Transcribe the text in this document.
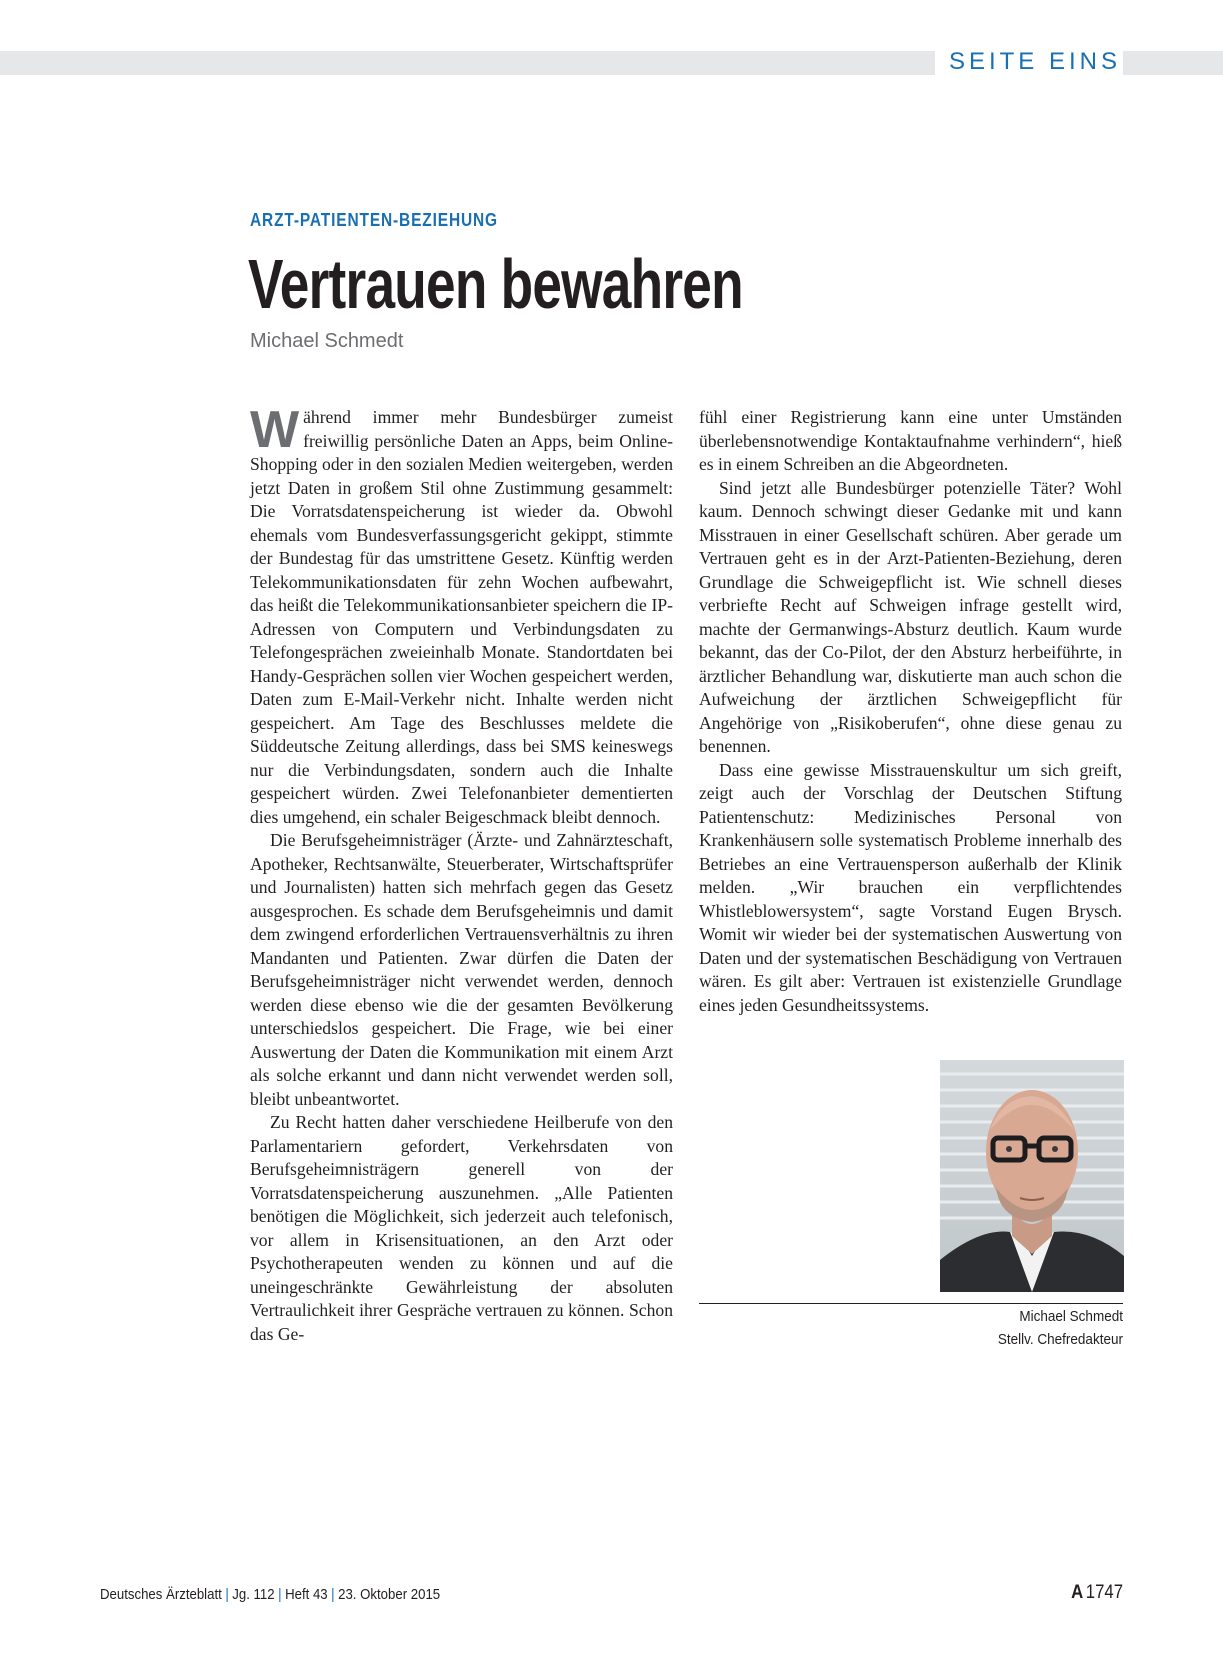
SEITE EINS
ARZT-PATIENTEN-BEZIEHUNG
Vertrauen bewahren
Michael Schmedt

Während immer mehr Bundesbürger zumeist freiwillig persönliche Daten an Apps, beim Online-Shopping oder in den sozialen Medien weitergeben, werden jetzt Daten in großem Stil ohne Zustimmung gesammelt: Die Vorratsdatenspeicherung ist wieder da. Obwohl ehemals vom Bundesverfassungsgericht gekippt, stimmte der Bundestag für das umstrittene Gesetz. Künftig werden Telekommunikationsdaten für zehn Wochen aufbewahrt, das heißt die Telekommunikationsanbieter speichern die IP-Adressen von Computern und Verbindungsdaten zu Telefongesprächen zweieinhalb Monate. Standortdaten bei Handy-Gesprächen sollen vier Wochen gespeichert werden, Daten zum E-Mail-Verkehr nicht. Inhalte werden nicht gespeichert. Am Tage des Beschlusses meldete die Süddeutsche Zeitung allerdings, dass bei SMS keineswegs nur die Verbindungsdaten, sondern auch die Inhalte gespeichert würden. Zwei Telefonanbieter dementierten dies umgehend, ein schaler Beigeschmack bleibt dennoch.

Die Berufsgeheimnisträger (Ärzte- und Zahnärzteschaft, Apotheker, Rechtsanwälte, Steuerberater, Wirtschaftsprüfer und Journalisten) hatten sich mehrfach gegen das Gesetz ausgesprochen. Es schade dem Berufsgeheimnis und damit dem zwingend erforderlichen Vertrauensverhältnis zu ihren Mandanten und Patienten. Zwar dürfen die Daten der Berufsgeheimnisträger nicht verwendet werden, dennoch werden diese ebenso wie die der gesamten Bevölkerung unterschiedslos gespeichert. Die Frage, wie bei einer Auswertung der Daten die Kommunikation mit einem Arzt als solche erkannt und dann nicht verwendet werden soll, bleibt unbeantwortet.

Zu Recht hatten daher verschiedene Heilberufe von den Parlamentariern gefordert, Verkehrsdaten von Berufsgeheimnisträgern generell von der Vorratsdatenspeicherung auszunehmen. „Alle Patienten benötigen die Möglichkeit, sich jederzeit auch telefonisch, vor allem in Krisensituationen, an den Arzt oder Psychotherapeuten wenden zu können und auf die uneingeschränkte Gewährleistung der absoluten Vertraulichkeit ihrer Gespräche vertrauen zu können. Schon das Ge-

fühl einer Registrierung kann eine unter Umständen überlebensnotwendige Kontaktaufnahme verhindern“, hieß es in einem Schreiben an die Abgeordneten.

Sind jetzt alle Bundesbürger potenzielle Täter? Wohl kaum. Dennoch schwingt dieser Gedanke mit und kann Misstrauen in einer Gesellschaft schüren. Aber gerade um Vertrauen geht es in der Arzt-Patienten-Beziehung, deren Grundlage die Schweigepflicht ist. Wie schnell dieses verbriefte Recht auf Schweigen infrage gestellt wird, machte der Germanwings-Absturz deutlich. Kaum wurde bekannt, das der Co-Pilot, der den Absturz herbeiführte, in ärztlicher Behandlung war, diskutierte man auch schon die Aufweichung der ärztlichen Schweigepflicht für Angehörige von „Risikoberufen“, ohne diese genau zu benennen.

Dass eine gewisse Misstrauenskultur um sich greift, zeigt auch der Vorschlag der Deutschen Stiftung Patientenschutz: Medizinisches Personal von Krankenhäusern solle systematisch Probleme innerhalb des Betriebes an eine Vertrauensperson außerhalb der Klinik melden. „Wir brauchen ein verpflichtendes Whistleblowersystem“, sagte Vorstand Eugen Brysch. Womit wir wieder bei der systematischen Auswertung von Daten und der systematischen Beschädigung von Vertrauen wären. Es gilt aber: Vertrauen ist existenzielle Grundlage eines jeden Gesundheitssystems.

Michael Schmedt
Stellv. Chefredakteur
Deutsches Ärzteblatt | Jg. 112 | Heft 43 | 23. Oktober 2015	A 1747
